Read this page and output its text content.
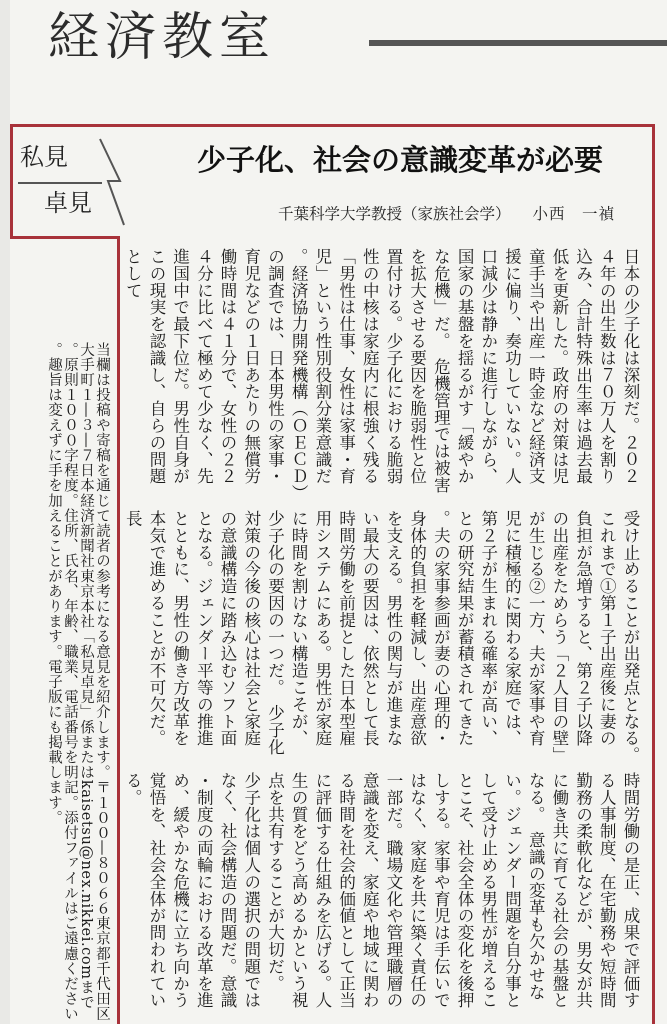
経済教室
私見
卓見
少子化、社会の意識変革が必要
千葉科学大学教授（家族社会学） 小西　一禎
日本の少子化は深刻だ。２０２４年の出生数は７０万人を割り込み、合計特殊出生率は過去最低を更新した。政府の対策は児童手当や出産一時金など経済支援に偏り、奏功していない。人口減少は静かに進行しながら、国家の基盤を揺るがす「緩やかな危機」だ。　危機管理では被害を拡大させる要因を脆弱性と位置付ける。少子化における脆弱性の中核は家庭内に根強く残る「男性は仕事、女性は家事・育児」という性別役割分業意識だ。経済協力開発機構（ＯＥＣＤ）の調査では、日本男性の家事・育児などの１日あたりの無償労働時間は４１分で、女性の２２４分に比べて極めて少なく、先進国中で最下位だ。男性自身がこの現実を認識し、自らの問題として
受け止めることが出発点となる。　これまで①第１子出産後に妻の負担が急増すると、第２子以降の出産をためらう「２人目の壁」が生じる②一方、夫が家事や育児に積極的に関わる家庭では、第２子が生まれる確率が高い、との研究結果が蓄積されてきた。夫の家事参画が妻の心理的・身体的負担を軽減し、出産意欲を支える。男性の関与が進まない最大の要因は、依然として長時間労働を前提とした日本型雇用システムにある。男性が家庭に時間を割けない構造こそが、少子化の要因の一つだ。　少子化対策の今後の核心は社会と家庭の意識構造に踏み込むソフト面となる。ジェンダー平等の推進とともに、男性の働き方改革を本気で進めることが不可欠だ。長
時間労働の是正、成果で評価する人事制度、在宅勤務や短時間勤務の柔軟化などが、男女が共に働き共に育てる社会の基盤となる。　意識の変革も欠かせない。ジェンダー問題を自分事として受け止める男性が増えることこそ、社会全体の変化を後押しする。家事や育児は手伝いではなく、家庭を共に築く責任の一部だ。職場文化や管理職層の意識を変え、家庭や地域に関わる時間を社会的価値として正当に評価する仕組みを広げる。人生の質をどう高めるかという視点を共有することが大切だ。　少子化は個人の選択の問題ではなく、社会構造の問題だ。意識・制度の両輪における改革を進め、緩やかな危機に立ち向かう覚悟を、社会全体が問われている。
当欄は投稿や寄稿を通じて読者の参考になる意見を紹介します。〒１００―８０６６東京都千代田区大手町１―３―７日本経済新聞社東京本社「私見卓見」係またはkaisetsu@nex.nikkei.comまで。原則１０００字程度。住所、氏名、年齢、職業、電話番号を明記。添付ファイルはご遠慮ください。趣旨は変えずに手を加えることがあります。電子版にも掲載します。
